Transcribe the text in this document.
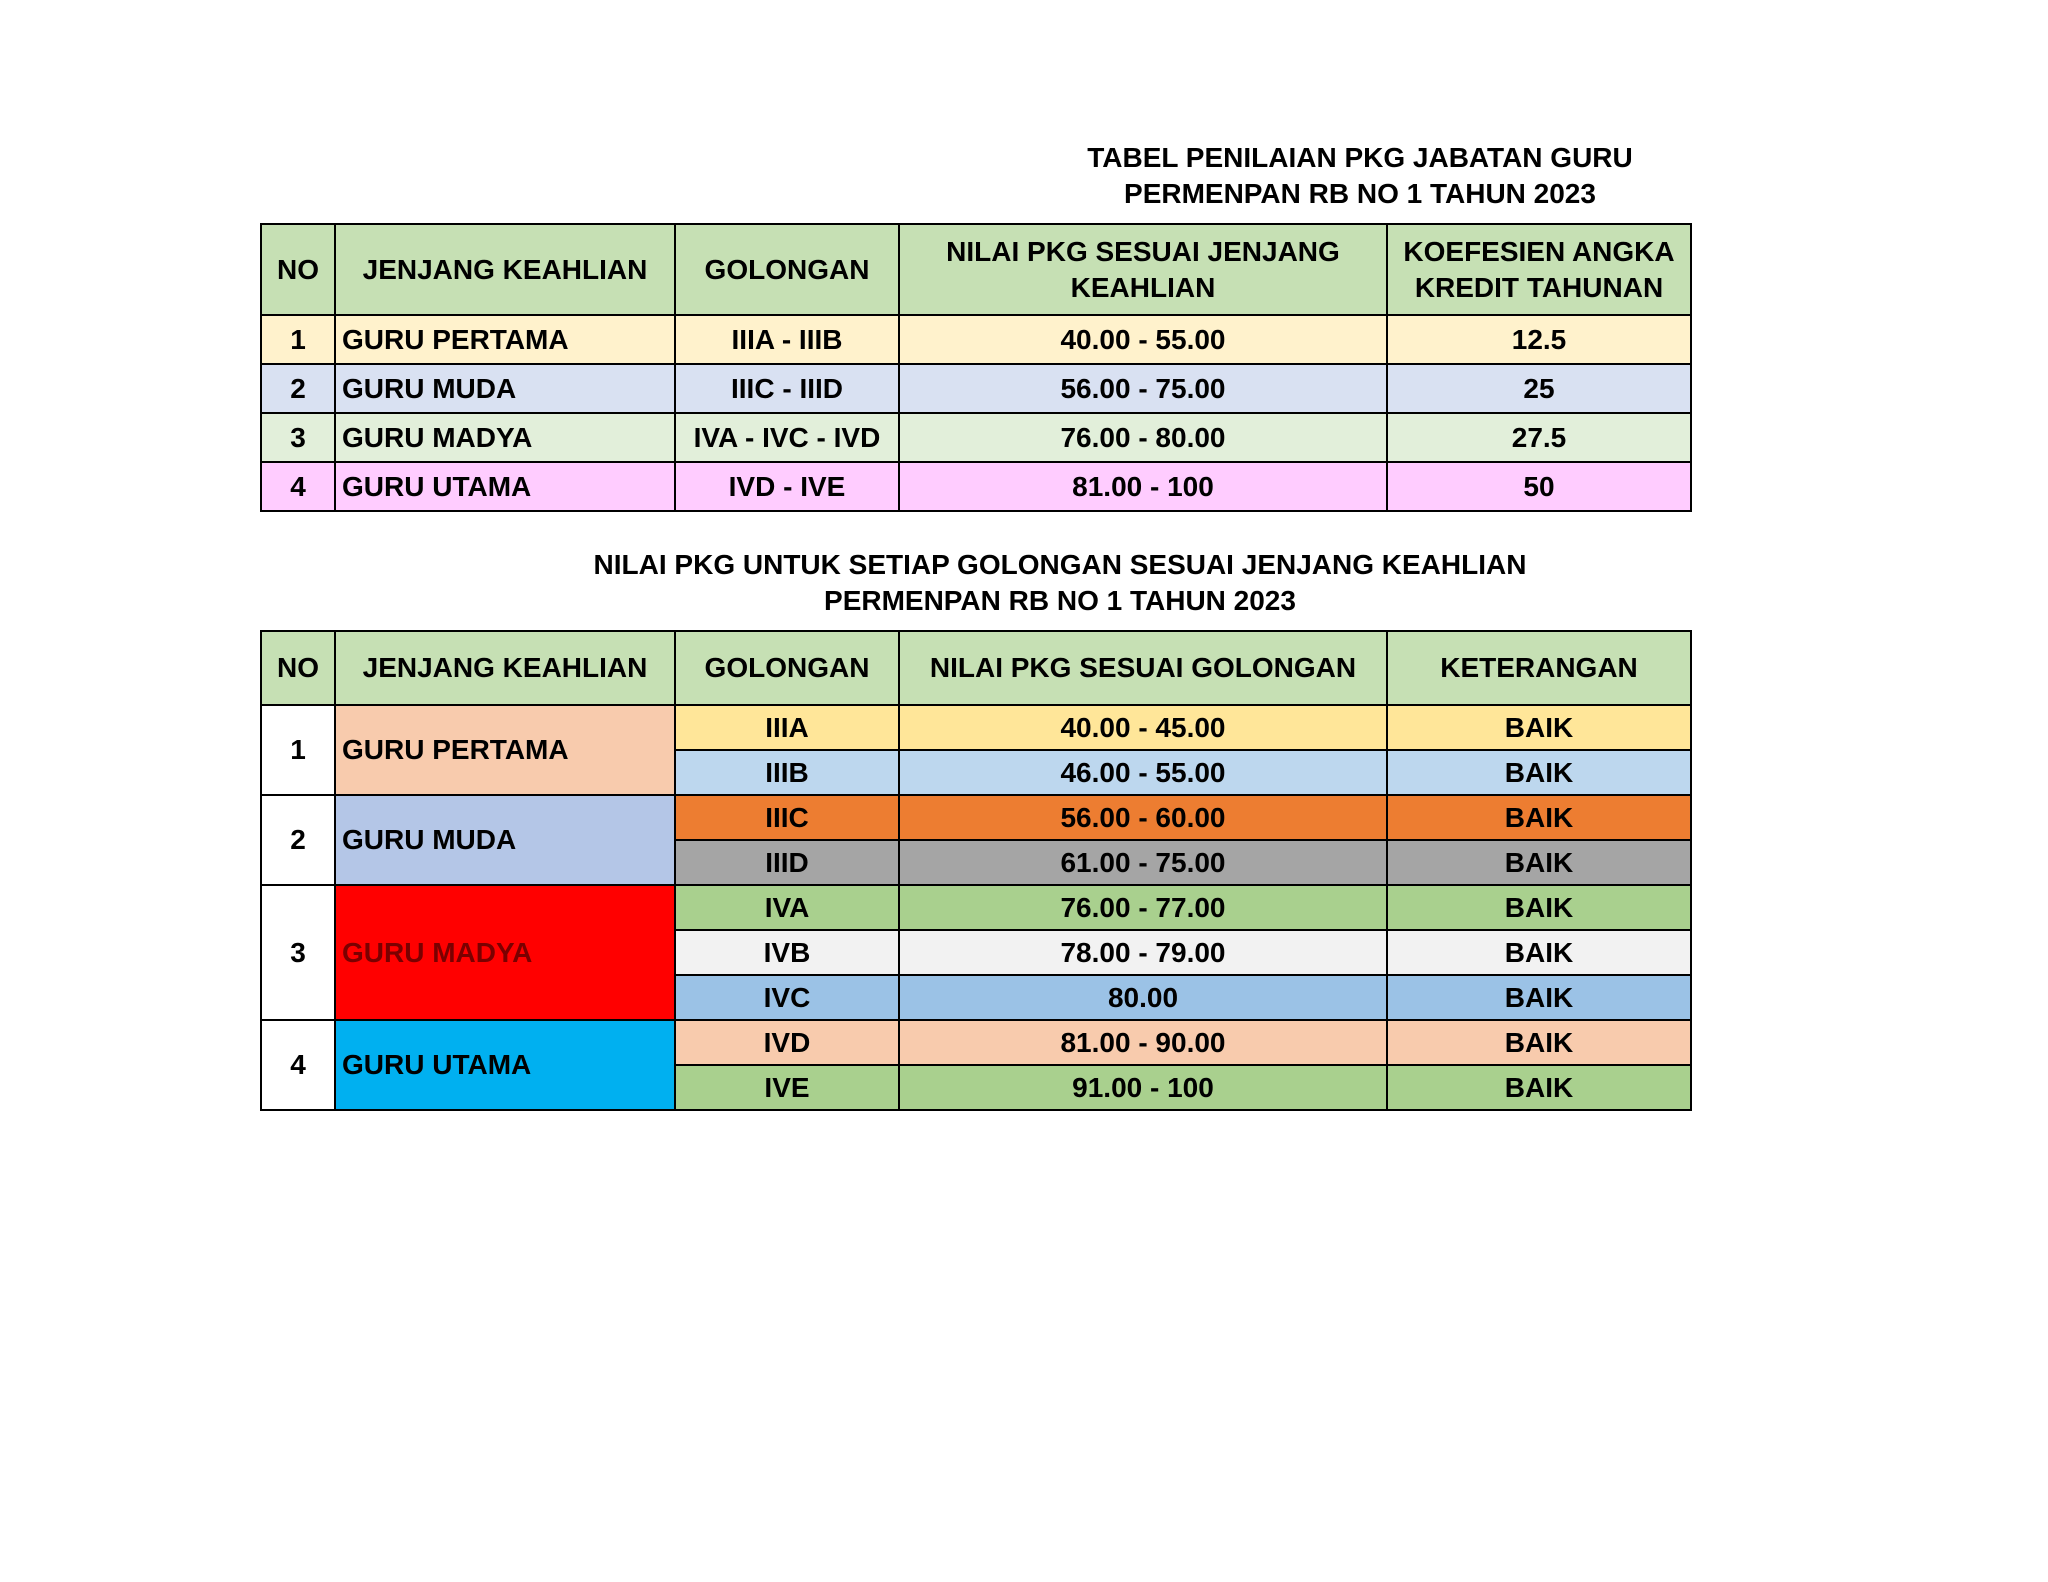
TABEL PENILAIAN PKG JABATAN GURU
PERMENPAN RB NO 1 TAHUN 2023
NO	JENJANG KEAHLIAN	GOLONGAN	NILAI PKG SESUAI JENJANG KEAHLIAN	KOEFESIEN ANGKA KREDIT TAHUNAN
1	GURU PERTAMA	IIIA - IIIB	40.00 - 55.00	12.5
2	GURU MUDA	IIIC - IIID	56.00 - 75.00	25
3	GURU MADYA	IVA - IVC - IVD	76.00 - 80.00	27.5
4	GURU UTAMA	IVD - IVE	81.00 - 100	50
NILAI PKG UNTUK SETIAP GOLONGAN SESUAI JENJANG KEAHLIAN
PERMENPAN RB NO 1 TAHUN 2023
NO	JENJANG KEAHLIAN	GOLONGAN	NILAI PKG SESUAI GOLONGAN	KETERANGAN
1	GURU PERTAMA	IIIA	40.00 - 45.00	BAIK
		IIIB	46.00 - 55.00	BAIK
2	GURU MUDA	IIIC	56.00 - 60.00	BAIK
		IIID	61.00 - 75.00	BAIK
3	GURU MADYA	IVA	76.00 - 77.00	BAIK
		IVB	78.00 - 79.00	BAIK
		IVC	80.00	BAIK
4	GURU UTAMA	IVD	81.00 - 90.00	BAIK
		IVE	91.00 - 100	BAIK
